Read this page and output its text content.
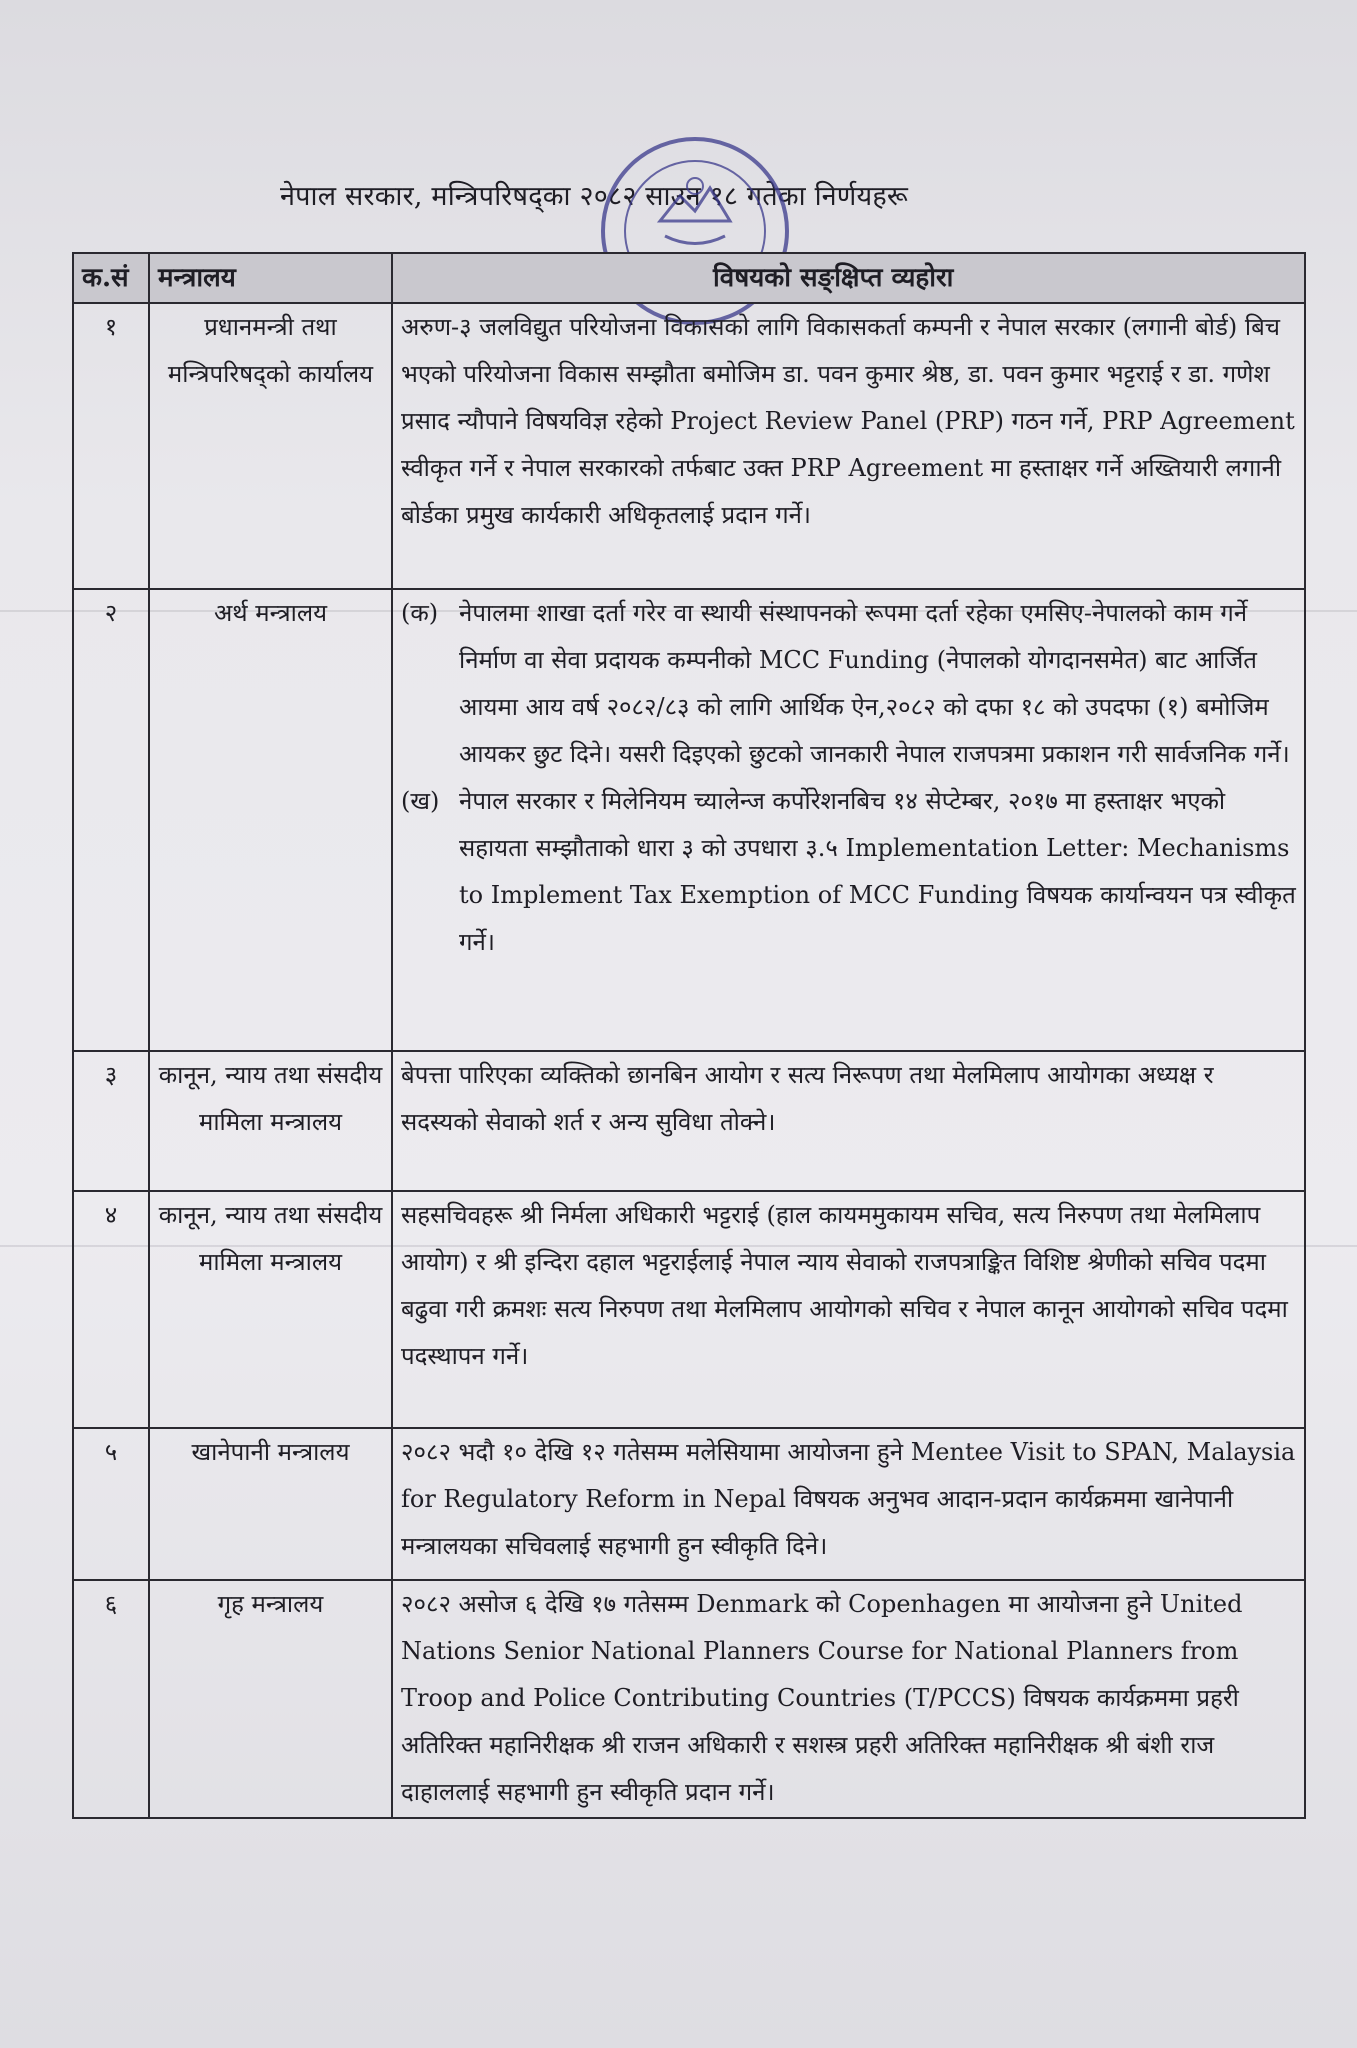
नेपाल सरकार, मन्त्रिपरिषद्का २०८२ साउन १८ गतेका निर्णयहरू
क.सं	मन्त्रालय	विषयको सङ्क्षिप्त व्यहोरा
१	प्रधानमन्त्री तथा मन्त्रिपरिषद्को कार्यालय	अरुण-३ जलविद्युत परियोजना विकासको लागि विकासकर्ता कम्पनी र नेपाल सरकार (लगानी बोर्ड) बिच भएको परियोजना विकास सम्झौता बमोजिम डा. पवन कुमार श्रेष्ठ, डा. पवन कुमार भट्टराई र डा. गणेश प्रसाद न्यौपाने विषयविज्ञ रहेको Project Review Panel (PRP) गठन गर्ने, PRP Agreement स्वीकृत गर्ने र नेपाल सरकारको तर्फबाट उक्त PRP Agreement मा हस्ताक्षर गर्ने अख्तियारी लगानी बोर्डका प्रमुख कार्यकारी अधिकृतलाई प्रदान गर्ने।
२	अर्थ मन्त्रालय	(क) नेपालमा शाखा दर्ता गरेर वा स्थायी संस्थापनको रूपमा दर्ता रहेका एमसिए-नेपालको काम गर्ने निर्माण वा सेवा प्रदायक कम्पनीको MCC Funding (नेपालको योगदानसमेत) बाट आर्जित आयमा आय वर्ष २०८२/८३ को लागि आर्थिक ऐन,२०८२ को दफा १८ को उपदफा (१) बमोजिम आयकर छुट दिने। यसरी दिइएको छुटको जानकारी नेपाल राजपत्रमा प्रकाशन गरी सार्वजनिक गर्ने।
(ख) नेपाल सरकार र मिलेनियम च्यालेन्ज कर्पोरेशनबिच १४ सेप्टेम्बर, २०१७ मा हस्ताक्षर भएको सहायता सम्झौताको धारा ३ को उपधारा ३.५ Implementation Letter: Mechanisms to Implement Tax Exemption of MCC Funding विषयक कार्यान्वयन पत्र स्वीकृत गर्ने।

३	कानून, न्याय तथा संसदीय मामिला मन्त्रालय	बेपत्ता पारिएका व्यक्तिको छानबिन आयोग र सत्य निरूपण तथा मेलमिलाप आयोगका अध्यक्ष र सदस्यको सेवाको शर्त र अन्य सुविधा तोक्ने।
४	कानून, न्याय तथा संसदीय मामिला मन्त्रालय	सहसचिवहरू श्री निर्मला अधिकारी भट्टराई (हाल कायममुकायम सचिव, सत्य निरुपण तथा मेलमिलाप आयोग) र श्री इन्दिरा दहाल भट्टराईलाई नेपाल न्याय सेवाको राजपत्राङ्कित विशिष्ट श्रेणीको सचिव पदमा बढुवा गरी क्रमशः सत्य निरुपण तथा मेलमिलाप आयोगको सचिव र नेपाल कानून आयोगको सचिव पदमा पदस्थापन गर्ने।
५	खानेपानी मन्त्रालय	२०८२ भदौ १० देखि १२ गतेसम्म मलेसियामा आयोजना हुने Mentee Visit to SPAN, Malaysia for Regulatory Reform in Nepal विषयक अनुभव आदान-प्रदान कार्यक्रममा खानेपानी मन्त्रालयका सचिवलाई सहभागी हुन स्वीकृति दिने।
६	गृह मन्त्रालय	२०८२ असोज ६ देखि १७ गतेसम्म Denmark को Copenhagen मा आयोजना हुने United Nations Senior National Planners Course for National Planners from Troop and Police Contributing Countries (T/PCCS) विषयक कार्यक्रममा प्रहरी अतिरिक्त महानिरीक्षक श्री राजन अधिकारी र सशस्त्र प्रहरी अतिरिक्त महानिरीक्षक श्री बंशी राज दाहाललाई सहभागी हुन स्वीकृति प्रदान गर्ने।
